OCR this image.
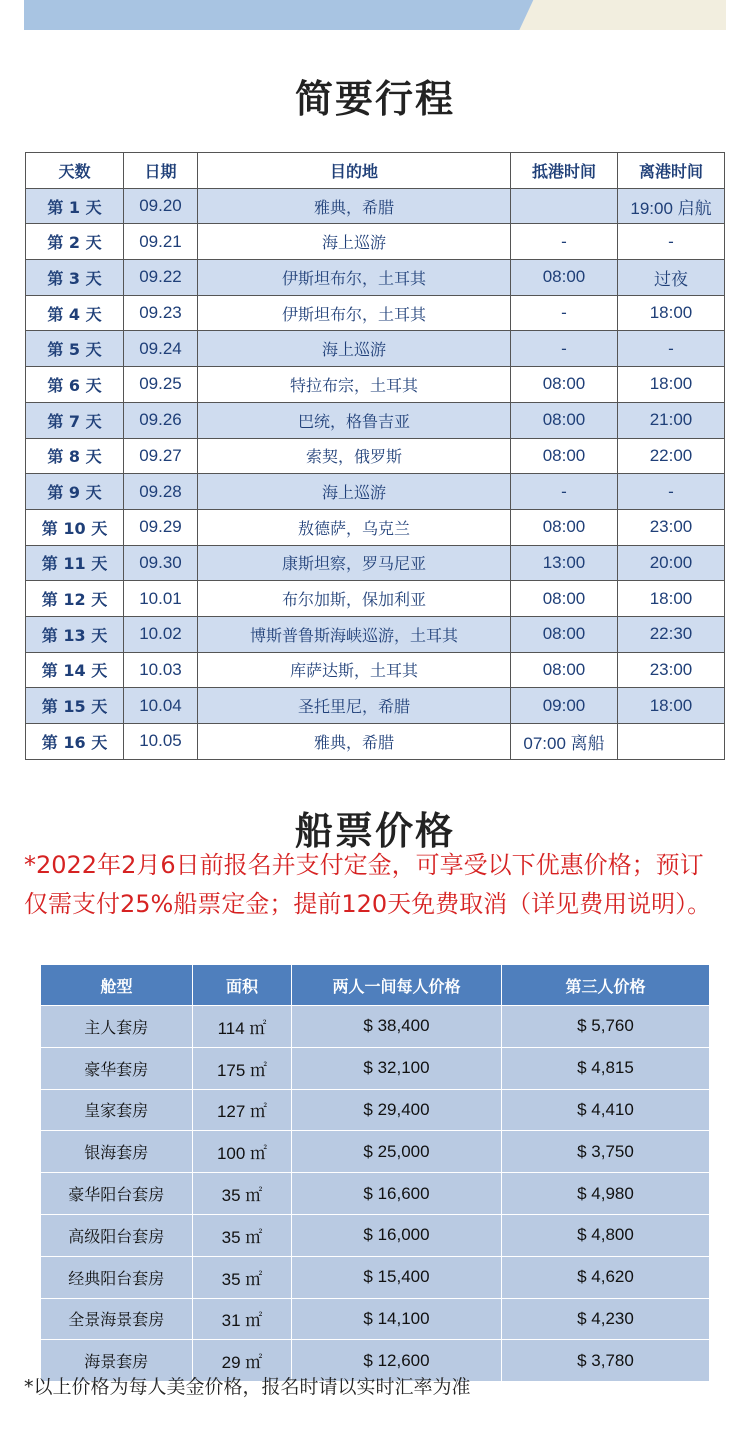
简要行程
天数	日期	目的地	抵港时间	离港时间
第 1 天	09.20	雅典，希腊		19:00 启航
第 2 天	09.21	海上巡游	-	-
第 3 天	09.22	伊斯坦布尔，土耳其	08:00	过夜
第 4 天	09.23	伊斯坦布尔，土耳其	-	18:00
第 5 天	09.24	海上巡游	-	-
第 6 天	09.25	特拉布宗，土耳其	08:00	18:00
第 7 天	09.26	巴统，格鲁吉亚	08:00	21:00
第 8 天	09.27	索契，俄罗斯	08:00	22:00
第 9 天	09.28	海上巡游	-	-
第 10 天	09.29	敖德萨，乌克兰	08:00	23:00
第 11 天	09.30	康斯坦察，罗马尼亚	13:00	20:00
第 12 天	10.01	布尔加斯，保加利亚	08:00	18:00
第 13 天	10.02	博斯普鲁斯海峡巡游，土耳其	08:00	22:30
第 14 天	10.03	库萨达斯，土耳其	08:00	23:00
第 15 天	10.04	圣托里尼，希腊	09:00	18:00
第 16 天	10.05	雅典，希腊	07:00 离船	
船票价格
*2022年2月6日前报名并支付定金，可享受以下优惠价格；预订仅需支付25%船票定金；提前120天免费取消（详见费用说明）。
舱型	面积	两人一间每人价格	第三人价格
主人套房	114 ㎡	$ 38,400	$ 5,760
豪华套房	175 ㎡	$ 32,100	$ 4,815
皇家套房	127 ㎡	$ 29,400	$ 4,410
银海套房	100 ㎡	$ 25,000	$ 3,750
豪华阳台套房	35 ㎡	$ 16,600	$ 4,980
高级阳台套房	35 ㎡	$ 16,000	$ 4,800
经典阳台套房	35 ㎡	$ 15,400	$ 4,620
全景海景套房	31 ㎡	$ 14,100	$ 4,230
海景套房	29 ㎡	$ 12,600	$ 3,780
*以上价格为每人美金价格，报名时请以实时汇率为准
